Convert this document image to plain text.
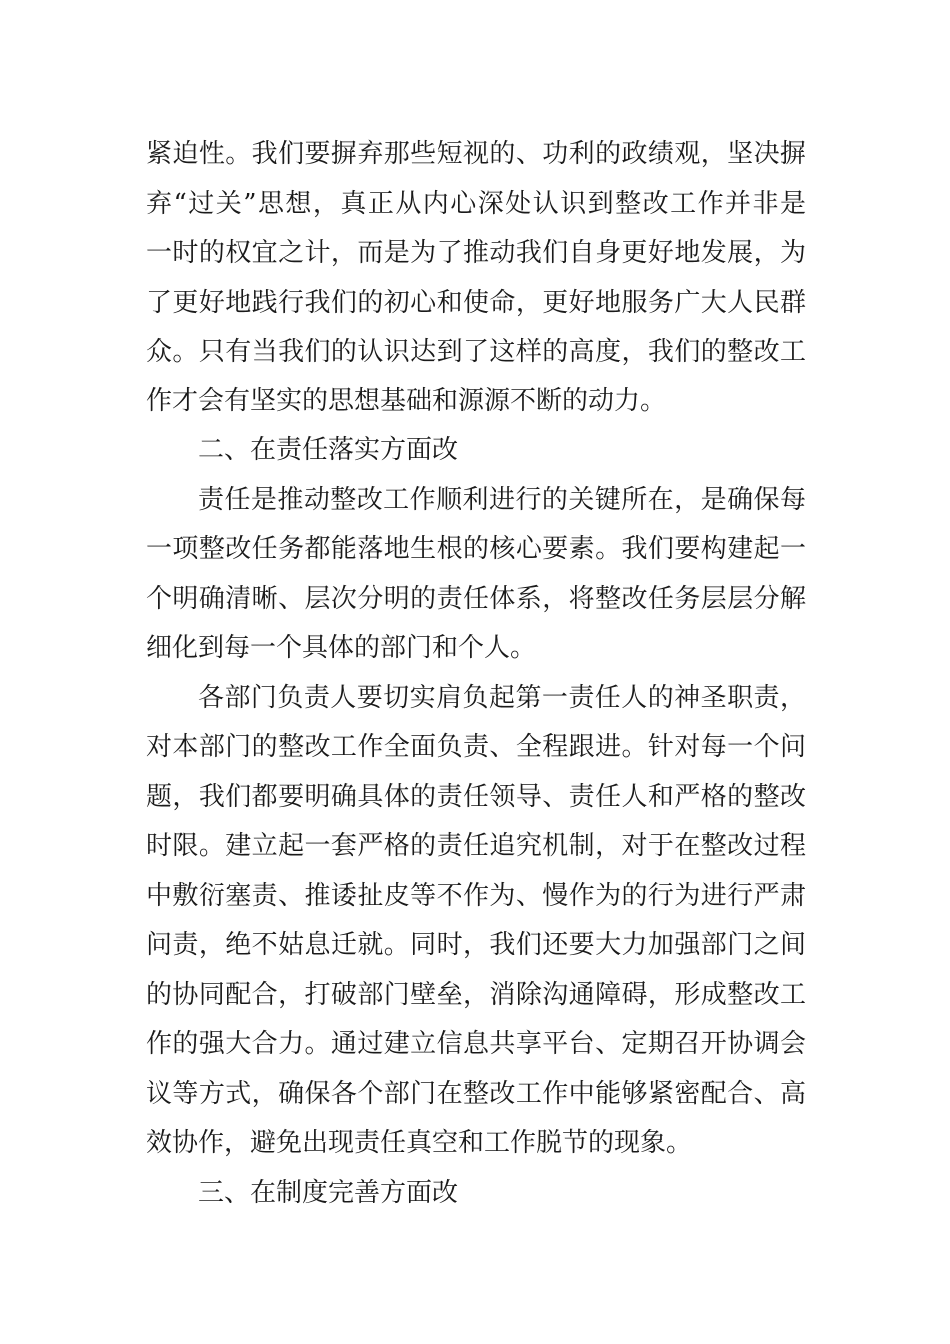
紧迫性。我们要摒弃那些短视的、功利的政绩观，坚决摒
弃“过关”思想，真正从内心深处认识到整改工作并非是
一时的权宜之计，而是为了推动我们自身更好地发展，为
了更好地践行我们的初心和使命，更好地服务广大人民群
众。只有当我们的认识达到了这样的高度，我们的整改工
作才会有坚实的思想基础和源源不断的动力。
二、在责任落实方面改
责任是推动整改工作顺利进行的关键所在，是确保每
一项整改任务都能落地生根的核心要素。我们要构建起一
个明确清晰、层次分明的责任体系，将整改任务层层分解
细化到每一个具体的部门和个人。
各部门负责人要切实肩负起第一责任人的神圣职责，
对本部门的整改工作全面负责、全程跟进。针对每一个问
题，我们都要明确具体的责任领导、责任人和严格的整改
时限。建立起一套严格的责任追究机制，对于在整改过程
中敷衍塞责、推诿扯皮等不作为、慢作为的行为进行严肃
问责，绝不姑息迁就。同时，我们还要大力加强部门之间
的协同配合，打破部门壁垒，消除沟通障碍，形成整改工
作的强大合力。通过建立信息共享平台、定期召开协调会
议等方式，确保各个部门在整改工作中能够紧密配合、高
效协作，避免出现责任真空和工作脱节的现象。
三、在制度完善方面改
